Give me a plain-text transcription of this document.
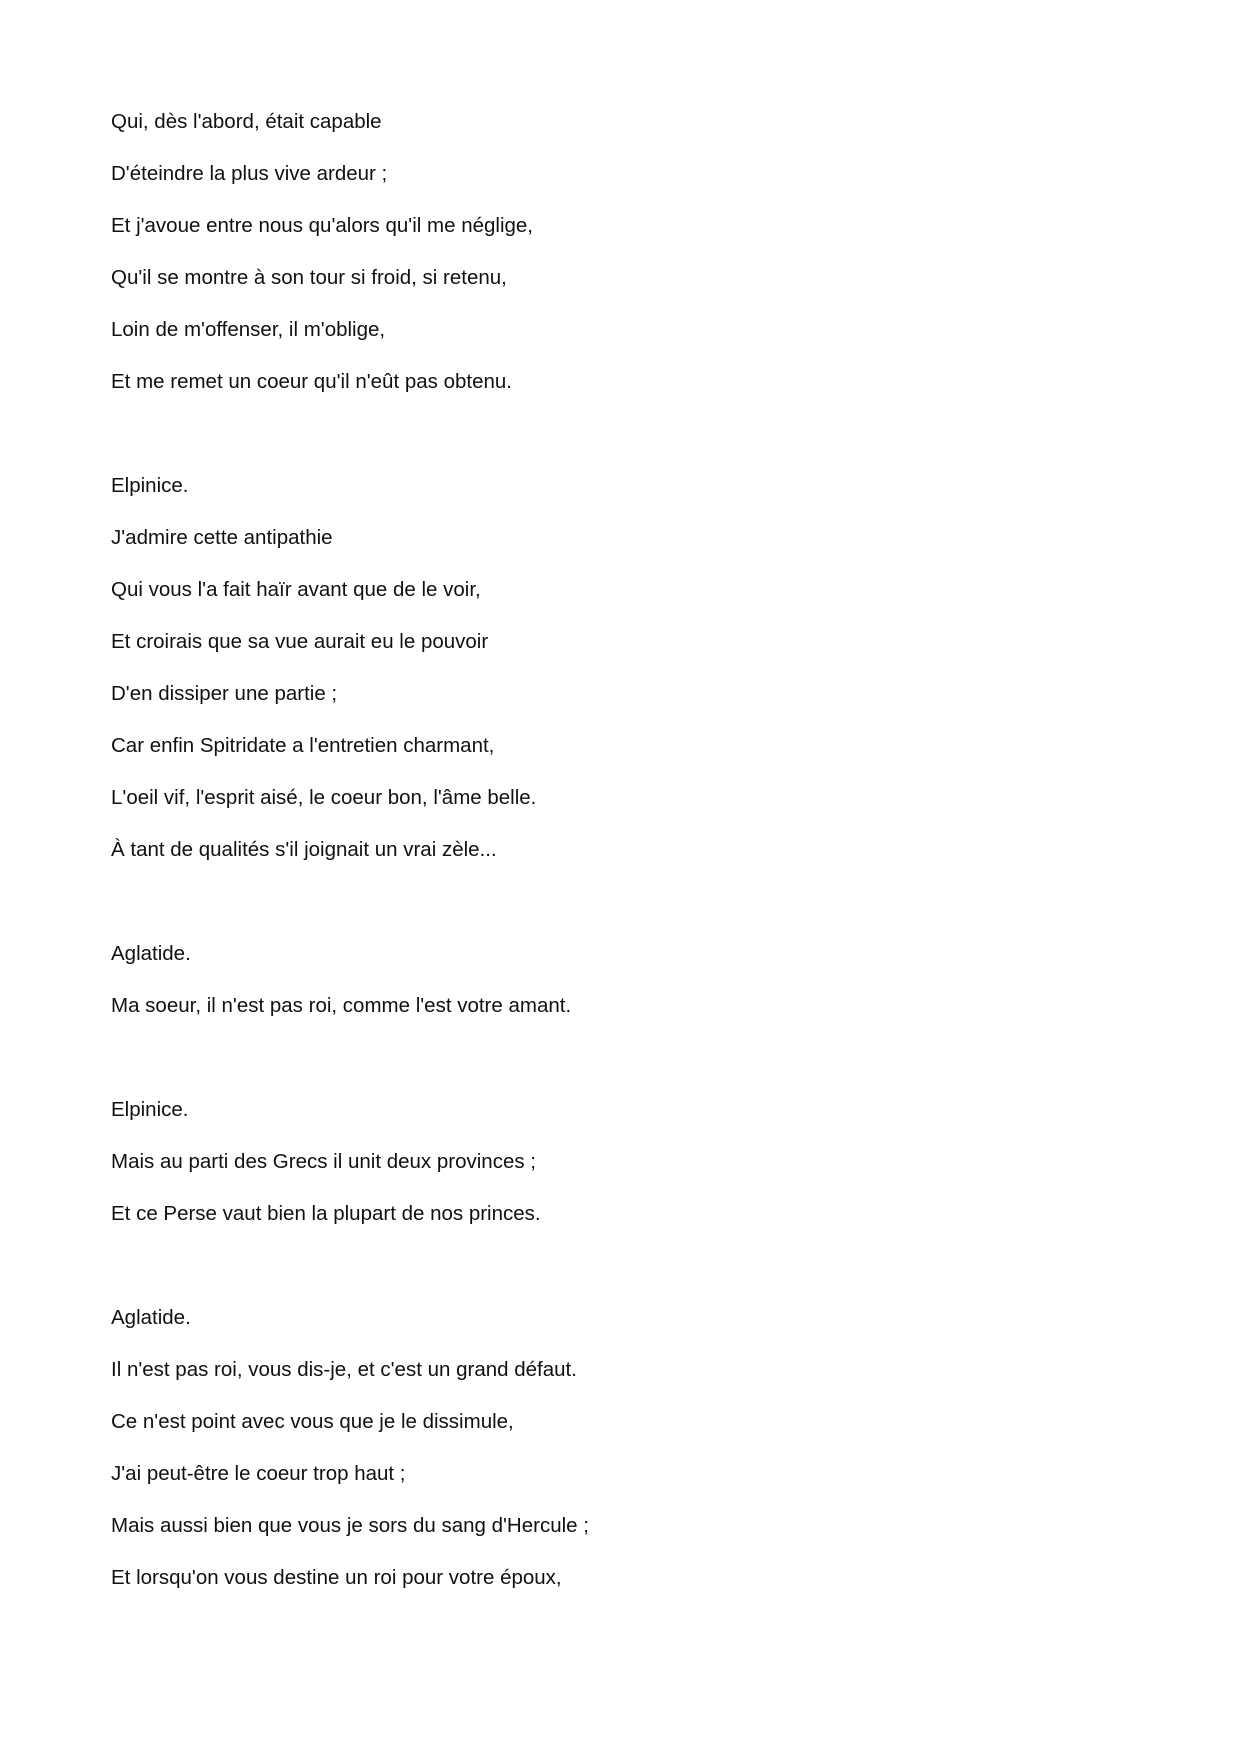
Qui, dès l'abord, était capable
D'éteindre la plus vive ardeur ;
Et j'avoue entre nous qu'alors qu'il me néglige,
Qu'il se montre à son tour si froid, si retenu,
Loin de m'offenser, il m'oblige,
Et me remet un coeur qu'il n'eût pas obtenu.
Elpinice.
J'admire cette antipathie
Qui vous l'a fait haïr avant que de le voir,
Et croirais que sa vue aurait eu le pouvoir
D'en dissiper une partie ;
Car enfin Spitridate a l'entretien charmant,
L'oeil vif, l'esprit aisé, le coeur bon, l'âme belle.
À tant de qualités s'il joignait un vrai zèle...
Aglatide.
Ma soeur, il n'est pas roi, comme l'est votre amant.
Elpinice.
Mais au parti des Grecs il unit deux provinces ;
Et ce Perse vaut bien la plupart de nos princes.
Aglatide.
Il n'est pas roi, vous dis-je, et c'est un grand défaut.
Ce n'est point avec vous que je le dissimule,
J'ai peut-être le coeur trop haut ;
Mais aussi bien que vous je sors du sang d'Hercule ;
Et lorsqu'on vous destine un roi pour votre époux,
